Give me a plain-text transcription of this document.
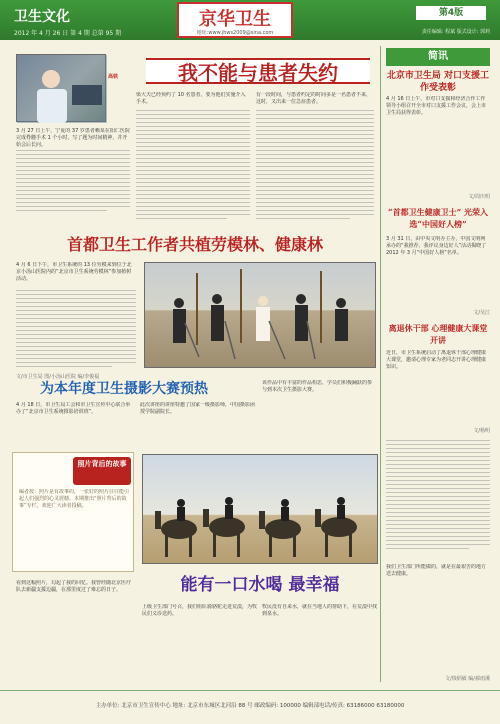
卫生文化
2012 年 4 月 26 日 第 4 期 总第 95 期
京华卫生
地址:www.jhws2009@sina.com
第4版
责任编辑: 程斌 版式设计: 郭莉
我不能与患者失约
高铁
3 月 27 日上午，宁夏的 37 岁患者赖某在阳仁医院完成脊髓手术 1 个小时，写了题为时间精神，并开始会后长问。
梁大夫已经预约了 10 名患者，要为他们实施介入手术。
有一段时间，与患者约定的时间多是一名患者不来，这时，又出来一位急症患者。
首都卫生工作者共植劳模林、健康林
4 月 6 日下午，市卫生系统的 13 位劳模来到位于北京小汤山医院内的“北京市卫生系统劳模林”参加植树活动。
文/市卫生局 图/小汤山医院 编/李俊福
为本年度卫生摄影大赛预热
4 月 18 日，市卫生局工会和市卫生宣传中心联合举办了“北京市卫生系统摄影培训班”。
此次讲座的讲座特邀了国家一级摄影师，中国摄影函授学院副院长。
该作品中有丰富的作品构思，学员们积极踊跃的参与到本次卫生摄影大赛。
照片背后的故事
编者按：照片是有故事的，一张好的照片往往能引起人们强烈的心灵震撼。本期推出“照片背后的故事”专栏，欢迎广大读者投稿。
能有一口水喝 最幸福
看到这幅照片，勾起了我的回忆。我曾经随北京医疗队去新疆支援边疆，在那里度过了难忘的日子。
上级卫生部门号召，我们组队骑骆驼走进荒漠，为牧民们义诊送药。
牧民没有自来水，就在当地人的帮助下，在荒漠中找到泉水。
我们卫生部门所能做的，就是在最艰苦的地方送去健康。
文/钱炳敏 编/郝雨溪
简讯
北京市卫生局 对口支援工作受表彰
4 月 16 日上午，市对口支援和经济合作工作领导小组召开全市对口支援工作会议，会上市卫生局获得表彰。
文/周庆明
“首都卫生健康卫士” 光荣入选“中国好人榜”
3 月 31 日，由中央文明办主办，中国文明网承办的“我推荐、我评议身边好人”活动揭晓了 2012 年 3 月“中国好人榜”名单。
文/吴江
离退休干部 心理健康大课堂开讲
近日，市卫生系统启动了离退休干部心理健康大课堂，邀请心理专家为老同志开讲心理健康知识。
文/杨明
主办单位: 北京市卫生宣传中心 地址: 北京市东城区北河沿 88 号 邮政编码: 100000 编辑部电话/传真: 63186000 63180000
